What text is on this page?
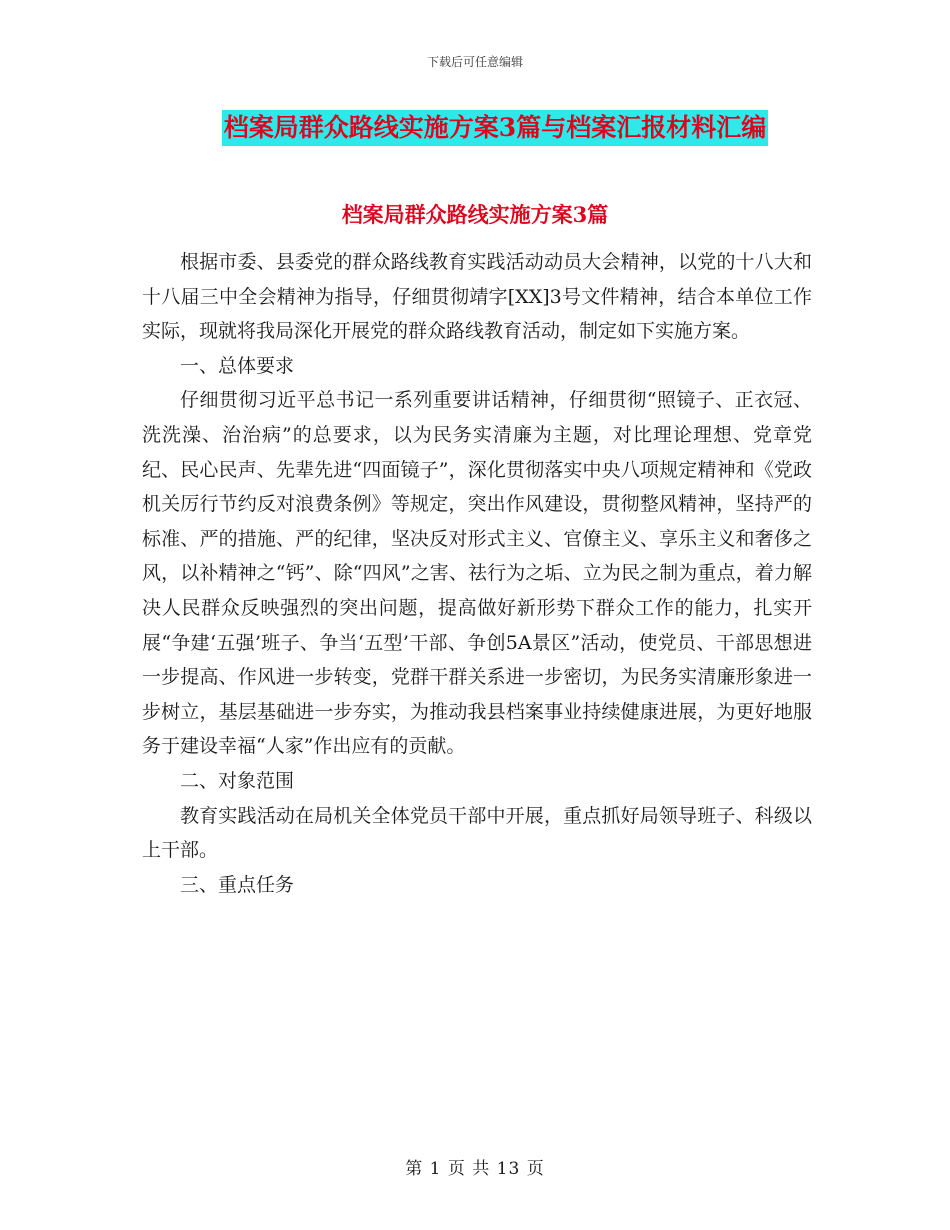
下载后可任意编辑
档案局群众路线实施方案3篇与档案汇报材料汇编
档案局群众路线实施方案3篇

根据市委、县委党的群众路线教育实践活动动员大会精神，以党的十八大和十八届三中全会精神为指导，仔细贯彻靖字[XX]3号文件精神，结合本单位工作实际，现就将我局深化开展党的群众路线教育活动，制定如下实施方案。

一、总体要求

仔细贯彻习近平总书记一系列重要讲话精神，仔细贯彻“照镜子、正衣冠、洗洗澡、治治病”的总要求，以为民务实清廉为主题，对比理论理想、党章党纪、民心民声、先辈先进“四面镜子”，深化贯彻落实中央八项规定精神和《党政机关厉行节约反对浪费条例》等规定，突出作风建设，贯彻整风精神，坚持严的标准、严的措施、严的纪律，坚决反对形式主义、官僚主义、享乐主义和奢侈之风，以补精神之“钙”、除“四风”之害、祛行为之垢、立为民之制为重点，着力解决人民群众反映强烈的突出问题，提高做好新形势下群众工作的能力，扎实开展“争建‘五强’班子、争当‘五型’干部、争创5A景区”活动，使党员、干部思想进一步提高、作风进一步转变，党群干群关系进一步密切，为民务实清廉形象进一步树立，基层基础进一步夯实，为推动我县档案事业持续健康进展，为更好地服务于建设幸福“人家”作出应有的贡献。

二、对象范围

教育实践活动在局机关全体党员干部中开展，重点抓好局领导班子、科级以上干部。

三、重点任务

第 1 页 共 13 页
